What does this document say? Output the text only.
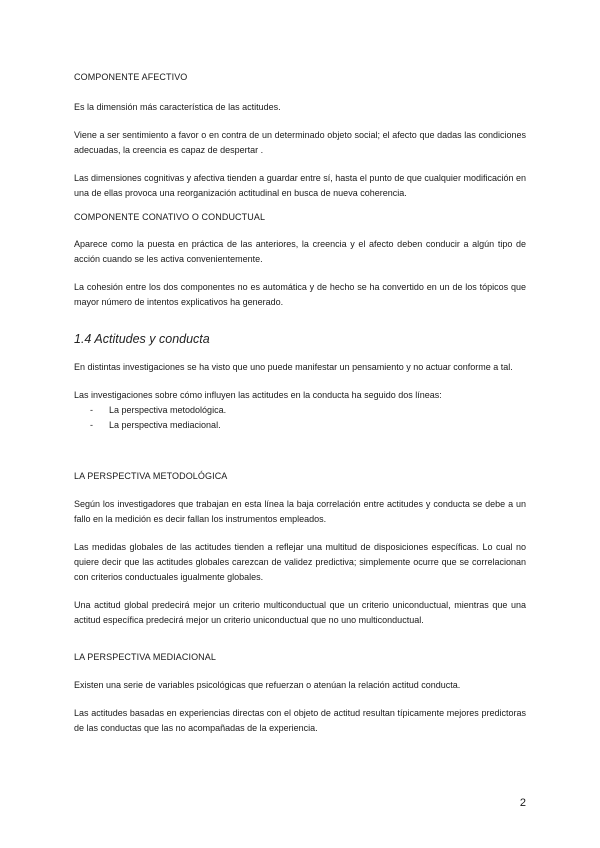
COMPONENTE AFECTIVO

Es la dimensión más característica de las actitudes.

Viene a ser sentimiento a favor o en contra de un determinado objeto social; el afecto que dadas las condiciones adecuadas, la creencia es capaz de despertar .

Las dimensiones cognitivas y afectiva tienden a guardar entre sí, hasta el punto de que cualquier modificación en una de ellas provoca una reorganización actitudinal en busca de nueva coherencia.

COMPONENTE CONATIVO O CONDUCTUAL

Aparece como la puesta en práctica de las anteriores, la creencia y el afecto deben conducir a algún tipo de acción cuando se les activa convenientemente.

La cohesión entre los dos componentes no es automática y de hecho se ha convertido en un de los tópicos que mayor número de intentos explicativos ha generado.

1.4 Actitudes y conducta

En distintas investigaciones se ha visto que uno puede manifestar un pensamiento y no actuar conforme a tal.

Las investigaciones sobre cómo influyen las actitudes en la conducta ha seguido dos líneas:

- La perspectiva metodológica.
- La perspectiva mediacional.

LA PERSPECTIVA METODOLÓGICA

Según los investigadores que trabajan en esta línea la baja correlación entre actitudes y conducta se debe a un fallo en la medición es decir fallan los instrumentos empleados.

Las medidas globales de las actitudes tienden a reflejar una multitud de disposiciones específicas. Lo cual no quiere decir que las actitudes globales carezcan de validez predictiva; simplemente ocurre que se correlacionan con criterios conductuales igualmente globales.

Una actitud global predecirá mejor un criterio multiconductual que un criterio uniconductual, mientras que una actitud específica predecirá mejor un criterio uniconductual que no uno multiconductual.

LA PERSPECTIVA MEDIACIONAL

Existen una serie de variables psicológicas que refuerzan o atenúan la relación actitud conducta.

Las actitudes basadas en experiencias directas con el objeto de actitud resultan típicamente mejores predictoras de las conductas que las no acompañadas de la experiencia.

2
